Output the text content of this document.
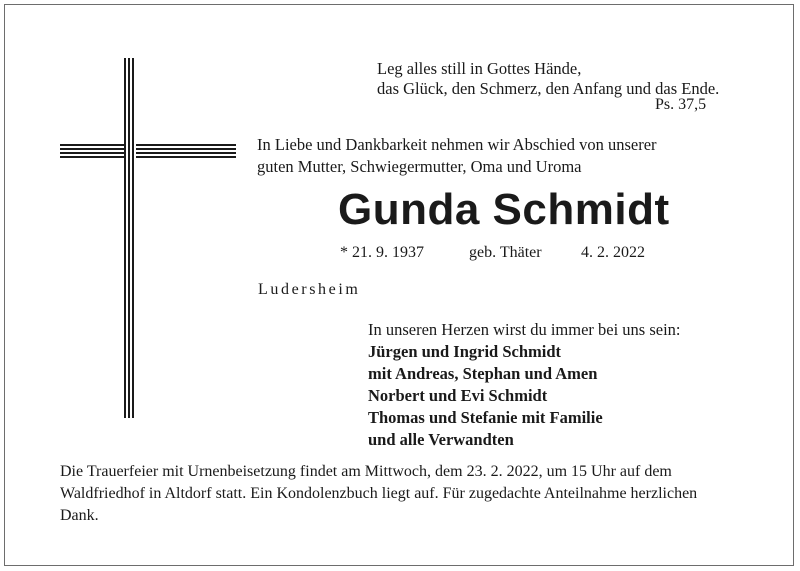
Leg alles still in Gottes Hände,
das Glück, den Schmerz, den Anfang und das Ende.
Ps. 37,5
In Liebe und Dankbarkeit nehmen wir Abschied von unserer
guten Mutter, Schwiegermutter, Oma und Uroma
Gunda Schmidt
* 21. 9. 1937	geb. Thäter 4. 2. 2022
Ludersheim
In unseren Herzen wirst du immer bei uns sein:
Jürgen und Ingrid Schmidt
mit Andreas, Stephan und Amen
Norbert und Evi Schmidt
Thomas und Stefanie mit Familie
und alle Verwandten
Die Trauerfeier mit Urnenbeisetzung findet am Mittwoch, dem 23. 2. 2022, um 15 Uhr auf dem
Waldfriedhof in Altdorf statt. Ein Kondolenzbuch liegt auf. Für zugedachte Anteilnahme herzlichen
Dank.
